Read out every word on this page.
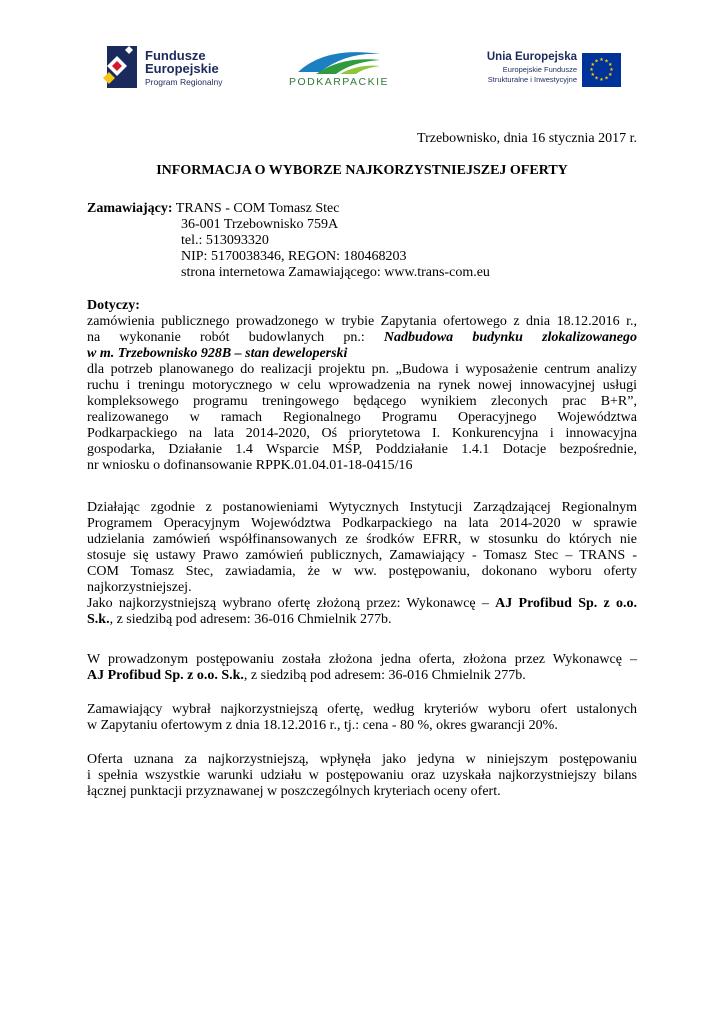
Fundusze
Europejskie
Program Regionalny	PODKARPACKIE
Unia Europejska
Europejskie Fundusze
Strukturalne i Inwestycyjne
★ ★
★
★
★
★
★
★
★
★
★
★
Trzebownisko, dnia 16 stycznia 2017 r.
INFORMACJA O WYBORZE NAJKORZYSTNIEJSZEJ OFERTY
Zamawiający: TRANS - COM Tomasz Stec
36-001 Trzebownisko 759A
tel.: 513093320
NIP: 5170038346, REGON: 180468203
strona internetowa Zamawiającego: www.trans-com.eu
Dotyczy:
zamówienia publicznego prowadzonego w trybie Zapytania ofertowego z dnia 18.12.2016 r.,
na wykonanie robót budowlanych pn.: Nadbudowa budynku zlokalizowanego
w m. Trzebownisko 928B – stan deweloperski
dla potrzeb planowanego do realizacji projektu pn. „Budowa i wyposażenie centrum analizy
ruchu i treningu motorycznego w celu wprowadzenia na rynek nowej innowacyjnej usługi
kompleksowego programu treningowego będącego wynikiem zleconych prac B+R”,
realizowanego w ramach Regionalnego Programu Operacyjnego Województwa
Podkarpackiego na lata 2014-2020, Oś priorytetowa I. Konkurencyjna i innowacyjna
gospodarka, Działanie 1.4 Wsparcie MŚP, Poddziałanie 1.4.1 Dotacje bezpośrednie,
nr wniosku o dofinansowanie RPPK.01.04.01-18-0415/16
Działając zgodnie z postanowieniami Wytycznych Instytucji Zarządzającej Regionalnym
Programem Operacyjnym Województwa Podkarpackiego na lata 2014-2020 w sprawie
udzielania zamówień współfinansowanych ze środków EFRR, w stosunku do których nie
stosuje się ustawy Prawo zamówień publicznych, Zamawiający - Tomasz Stec – TRANS -
COM Tomasz Stec, zawiadamia, że w ww. postępowaniu, dokonano wyboru oferty
najkorzystniejszej.
Jako najkorzystniejszą wybrano ofertę złożoną przez: Wykonawcę – AJ Profibud Sp. z o.o.
S.k., z siedzibą pod adresem: 36-016 Chmielnik 277b.
W prowadzonym postępowaniu została złożona jedna oferta, złożona przez Wykonawcę –
AJ Profibud Sp. z o.o. S.k., z siedzibą pod adresem: 36-016 Chmielnik 277b.
Zamawiający wybrał najkorzystniejszą ofertę, według kryteriów wyboru ofert ustalonych
w Zapytaniu ofertowym z dnia 18.12.2016 r., tj.: cena - 80 %, okres gwarancji 20%.
Oferta uznana za najkorzystniejszą, wpłynęła jako jedyna w niniejszym postępowaniu
i spełnia wszystkie warunki udziału w postępowaniu oraz uzyskała najkorzystniejszy bilans
łącznej punktacji przyznawanej w poszczególnych kryteriach oceny ofert.
